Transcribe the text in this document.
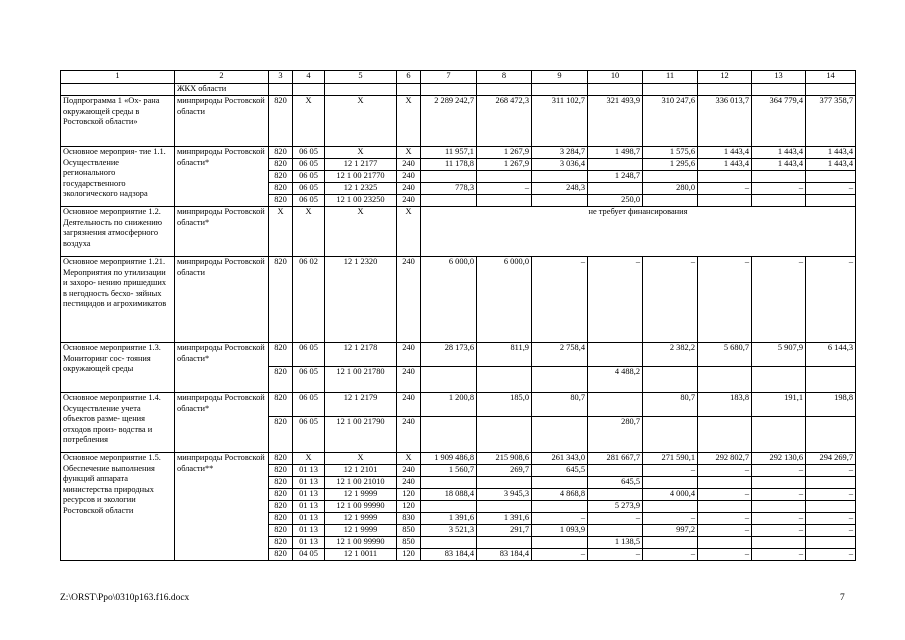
1	2	3	4	5	6	7	8	9	10	11	12	13	14
	ЖКХ области												
Подпрограмма 1 «Ох- рана окружающей среды в Ростовской области»	минприроды Ростовской области	820	Х	Х	Х	2 289 242,7	268 472,3	311 102,7	321 493,9	310 247,6	336 013,7	364 779,4	377 358,7
Основное мероприя- тие 1.1. Осуществление регионального государственного экологического надзора	минприроды Ростовской области*	820	06 05	Х	Х	11 957,1	1 267,9	3 284,7	1 498,7	1 575,6	1 443,4	1 443,4	1 443,4
		820	06 05	12 1 2177	240	11 178,8	1 267,9	3 036,4		1 295,6	1 443,4	1 443,4	1 443,4
		820	06 05	12 1 00 21770	240				1 248,7				
		820	06 05	12 1 2325	240	778,3	–	248,3		280,0	–	–	–
		820	06 05	12 1 00 23250	240				250,0				
Основное мероприятие 1.2. Деятельность по снижению загрязнения атмосферного воздуха	минприроды Ростовской области*	Х	Х	Х	Х	не требует финансирования							
Основное мероприятие 1.21. Мероприятия по утилизации и захоро- нению пришедших в негодность бесхо- зяйных пестицидов и агрохимикатов	минприроды Ростовской области	820	06 02	12 1 2320	240	6 000,0	6 000,0	–	–	–	–	–	–
Основное мероприятие 1.3. Мониторинг сос- тояния окружающей среды	минприроды Ростовской области*	820	06 05	12 1 2178	240	28 173,6	811,9	2 758,4		2 382,2	5 680,7	5 907,9	6 144,3
		820	06 05	12 1 00 21780	240				4 488,2				
Основное мероприятие 1.4. Осуществление учета объектов разме- щения отходов произ- водства и потребления	минприроды Ростовской области*	820	06 05	12 1 2179	240	1 200,8	185,0	80,7		80,7	183,8	191,1	198,8
		820	06 05	12 1 00 21790	240				280,7				
Основное мероприятие 1.5. Обеспечение выполнения функций аппарата министерства природных ресурсов и экологии Ростовской области	минприроды Ростовской области**	820	Х	Х	Х	1 909 486,8	215 908,6	261 343,0	281 667,7	271 590,1	292 802,7	292 130,6	294 269,7
		820	01 13	12 1 2101	240	1 560,7	269,7	645,5		–	–	–	–
		820	01 13	12 1 00 21010	240				645,5				
		820	01 13	12 1 9999	120	18 088,4	3 945,3	4 868,8		4 000,4	–	–	–
		820	01 13	12 1 00 99990	120				5 273,9				
		820	01 13	12 1 9999	830	1 391,6	1 391,6	–	–	–	–	–	–
		820	01 13	12 1 9999	850	3 521,3	291,7	1 093,9		997,2	–	–	–
		820	01 13	12 1 00 99990	850				1 138,5				
		820	04 05	12 1 0011	120	83 184,4	83 184,4	–	–	–	–	–	–
Z:\ORST\Ppo\0310p163.f16.docx	7
